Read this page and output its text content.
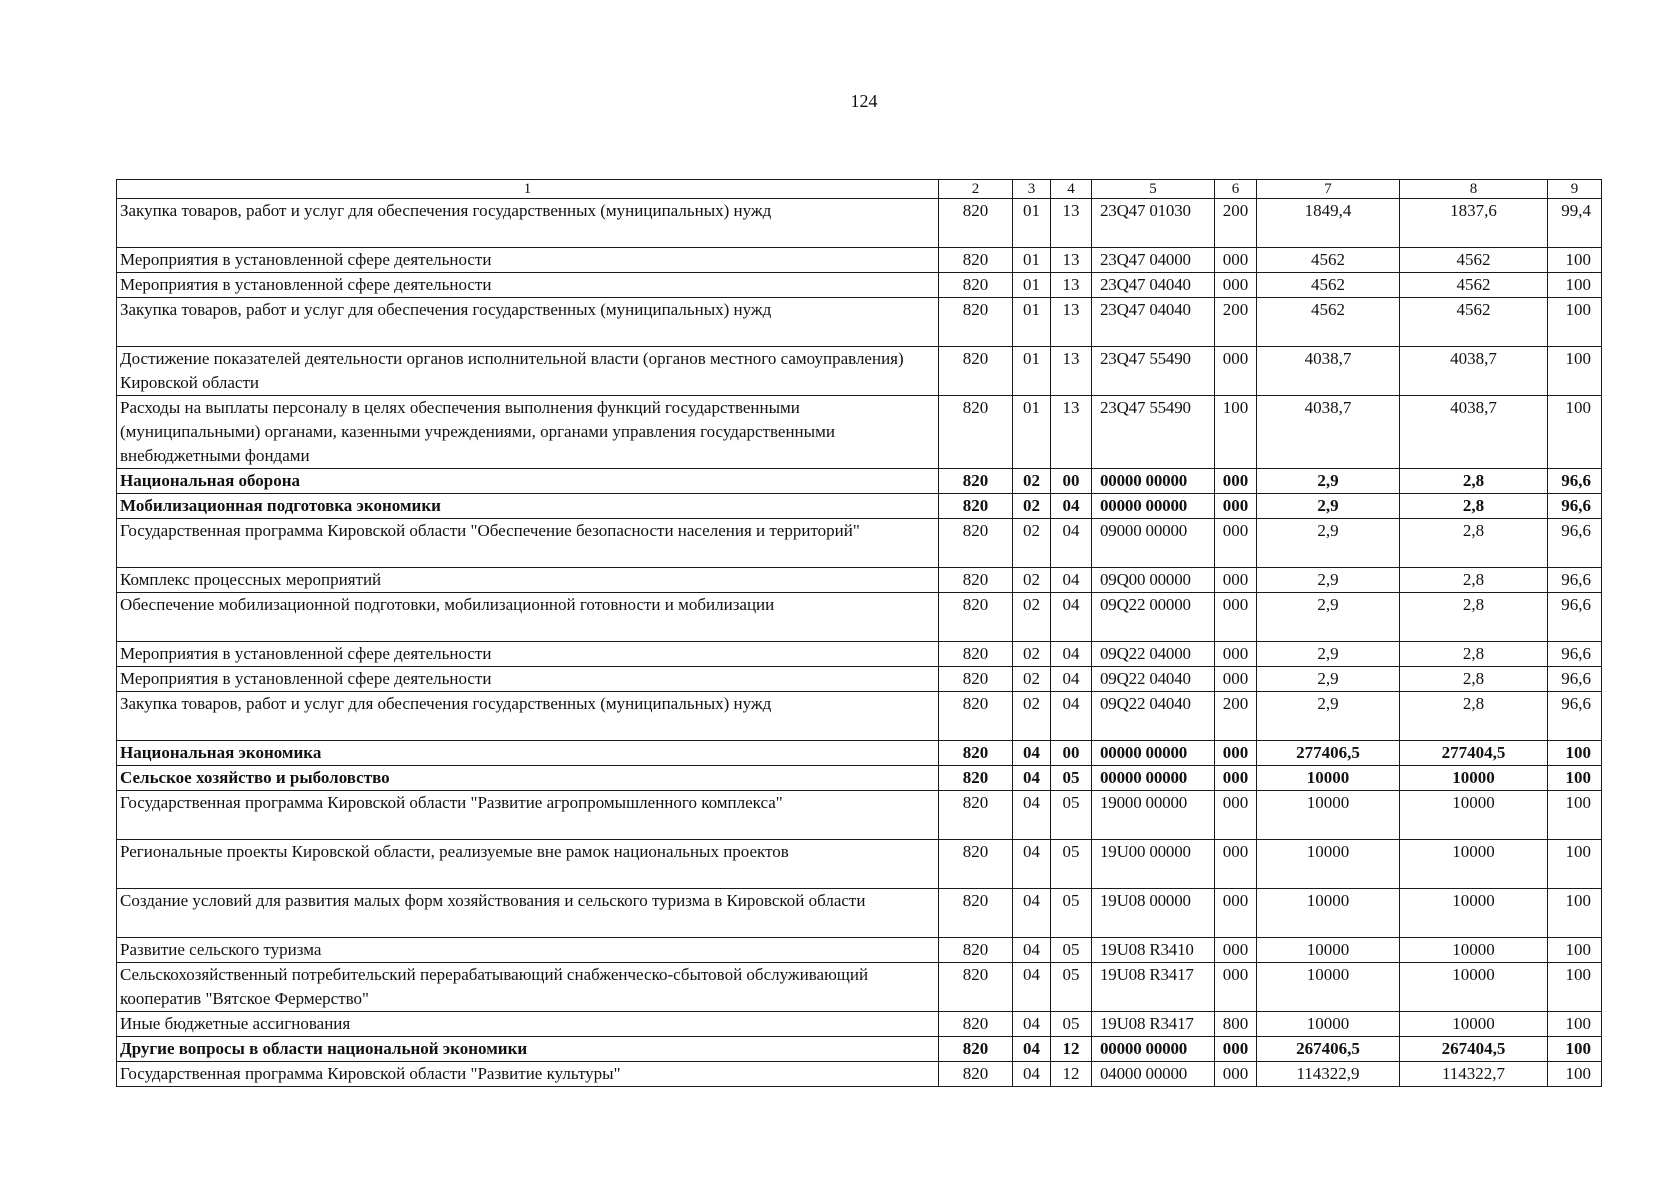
124
1	2	3	4	5	6	7	8	9
Закупка товаров, работ и услуг для обеспечения государственных (муниципальных) нужд	820	01	13	23Q47 01030	200	1849,4	1837,6	99,4
Мероприятия в установленной сфере деятельности	820	01	13	23Q47 04000	000	4562	4562	100
Мероприятия в установленной сфере деятельности	820	01	13	23Q47 04040	000	4562	4562	100
Закупка товаров, работ и услуг для обеспечения государственных (муниципальных) нужд	820	01	13	23Q47 04040	200	4562	4562	100
Достижение показателей деятельности органов исполнительной власти (органов местного самоуправления) Кировской области	820	01	13	23Q47 55490	000	4038,7	4038,7	100
Расходы на выплаты персоналу в целях обеспечения выполнения функций государственными (муниципальными) органами, казенными учреждениями, органами управления государственными внебюджетными фондами	820	01	13	23Q47 55490	100	4038,7	4038,7	100
Национальная оборона	820	02	00	00000 00000	000	2,9	2,8	96,6
Мобилизационная подготовка экономики	820	02	04	00000 00000	000	2,9	2,8	96,6
Государственная программа Кировской области "Обеспечение безопасности населения и территорий"	820	02	04	09000 00000	000	2,9	2,8	96,6
Комплекс процессных мероприятий	820	02	04	09Q00 00000	000	2,9	2,8	96,6
Обеспечение мобилизационной подготовки, мобилизационной готовности и мобилизации	820	02	04	09Q22 00000	000	2,9	2,8	96,6
Мероприятия в установленной сфере деятельности	820	02	04	09Q22 04000	000	2,9	2,8	96,6
Мероприятия в установленной сфере деятельности	820	02	04	09Q22 04040	000	2,9	2,8	96,6
Закупка товаров, работ и услуг для обеспечения государственных (муниципальных) нужд	820	02	04	09Q22 04040	200	2,9	2,8	96,6
Национальная экономика	820	04	00	00000 00000	000	277406,5	277404,5	100
Сельское хозяйство и рыболовство	820	04	05	00000 00000	000	10000	10000	100
Государственная программа Кировской области "Развитие агропромышленного комплекса"	820	04	05	19000 00000	000	10000	10000	100
Региональные проекты Кировской области, реализуемые вне рамок национальных проектов	820	04	05	19U00 00000	000	10000	10000	100
Создание условий для развития малых форм хозяйствования и сельского туризма в Кировской области	820	04	05	19U08 00000	000	10000	10000	100
Развитие сельского туризма	820	04	05	19U08 R3410	000	10000	10000	100
Сельскохозяйственный потребительский перерабатывающий снабженческо-сбытовой обслуживающий кооператив "Вятское Фермерство"	820	04	05	19U08 R3417	000	10000	10000	100
Иные бюджетные ассигнования	820	04	05	19U08 R3417	800	10000	10000	100
Другие вопросы в области национальной экономики	820	04	12	00000 00000	000	267406,5	267404,5	100
Государственная программа Кировской области "Развитие культуры"	820	04	12	04000 00000	000	114322,9	114322,7	100
